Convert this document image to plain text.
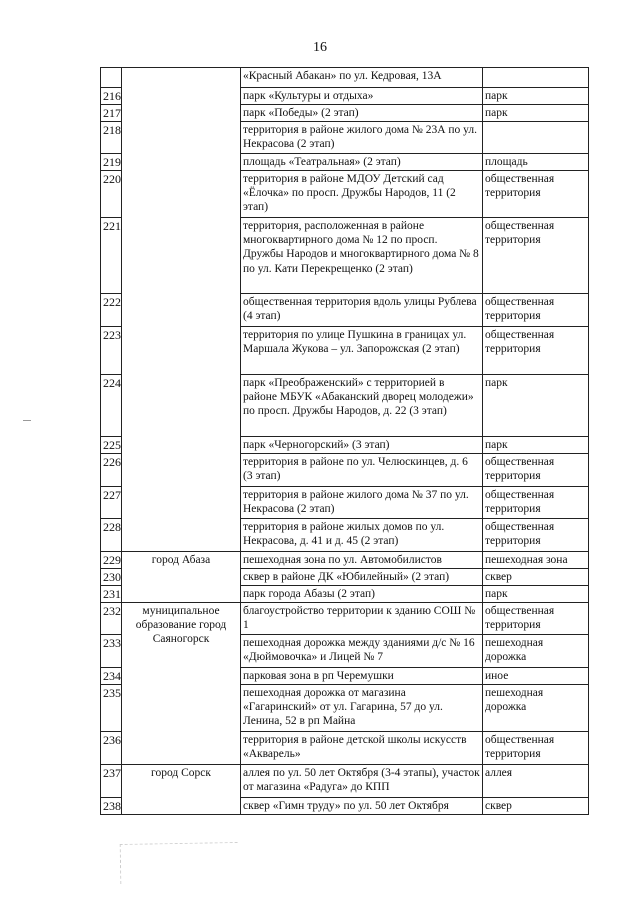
16
		«Красный Абакан» по ул. Кедровая, 13А	
216		парк «Культуры и отдыха»	парк
217		парк «Победы» (2 этап)	парк
218		территория в районе жилого дома № 23А по ул. Некрасова (2 этап)	
219		площадь «Театральная» (2 этап)	площадь
220		территория в районе МДОУ Детский сад «Ёлочка» по просп. Дружбы Народов, 11 (2 этап)	общественная территория
221		территория, расположенная в районе многоквартирного дома № 12 по просп. Дружбы Народов и многоквартирного дома № 8 по ул. Кати Перекрещенко (2 этап)	общественная территория
222		общественная территория вдоль улицы Рублева (4 этап)	общественная территория
223		территория по улице Пушкина в границах ул. Маршала Жукова – ул. Запорожская (2 этап)	общественная территория
224		парк «Преображенский» с территорией в районе МБУК «Абаканский дворец молодежи» по просп. Дружбы Народов, д. 22 (3 этап)	парк
225		парк «Черногорский» (3 этап)	парк
226		территория в районе по ул. Челюскинцев, д. 6 (3 этап)	общественная территория
227		территория в районе жилого дома № 37 по ул. Некрасова (2 этап)	общественная территория
228		территория в районе жилых домов по ул. Некрасова, д. 41 и д. 45 (2 этап)	общественная территория
229	город Абаза	пешеходная зона по ул. Автомобилистов	пешеходная зона
230		сквер в районе ДК «Юбилейный» (2 этап)	сквер
231		парк города Абазы (2 этап)	парк
232	муниципальное образование город Саяногорск	благоустройство территории к зданию СОШ № 1	общественная территория
233		пешеходная дорожка между зданиями д/с № 16 «Дюймовочка» и Лицей № 7	пешеходная дорожка
234		парковая зона в рп Черемушки	иное
235		пешеходная дорожка от магазина «Гагаринский» от ул. Гагарина, 57 до ул. Ленина, 52 в рп Майна	пешеходная дорожка
236		территория в районе детской школы искусств «Акварель»	общественная территория
237	город Сорск	аллея по ул. 50 лет Октября (3-4 этапы), участок от магазина «Радуга» до КПП	аллея
238		сквер «Гимн труду» по ул. 50 лет Октября	сквер
​
